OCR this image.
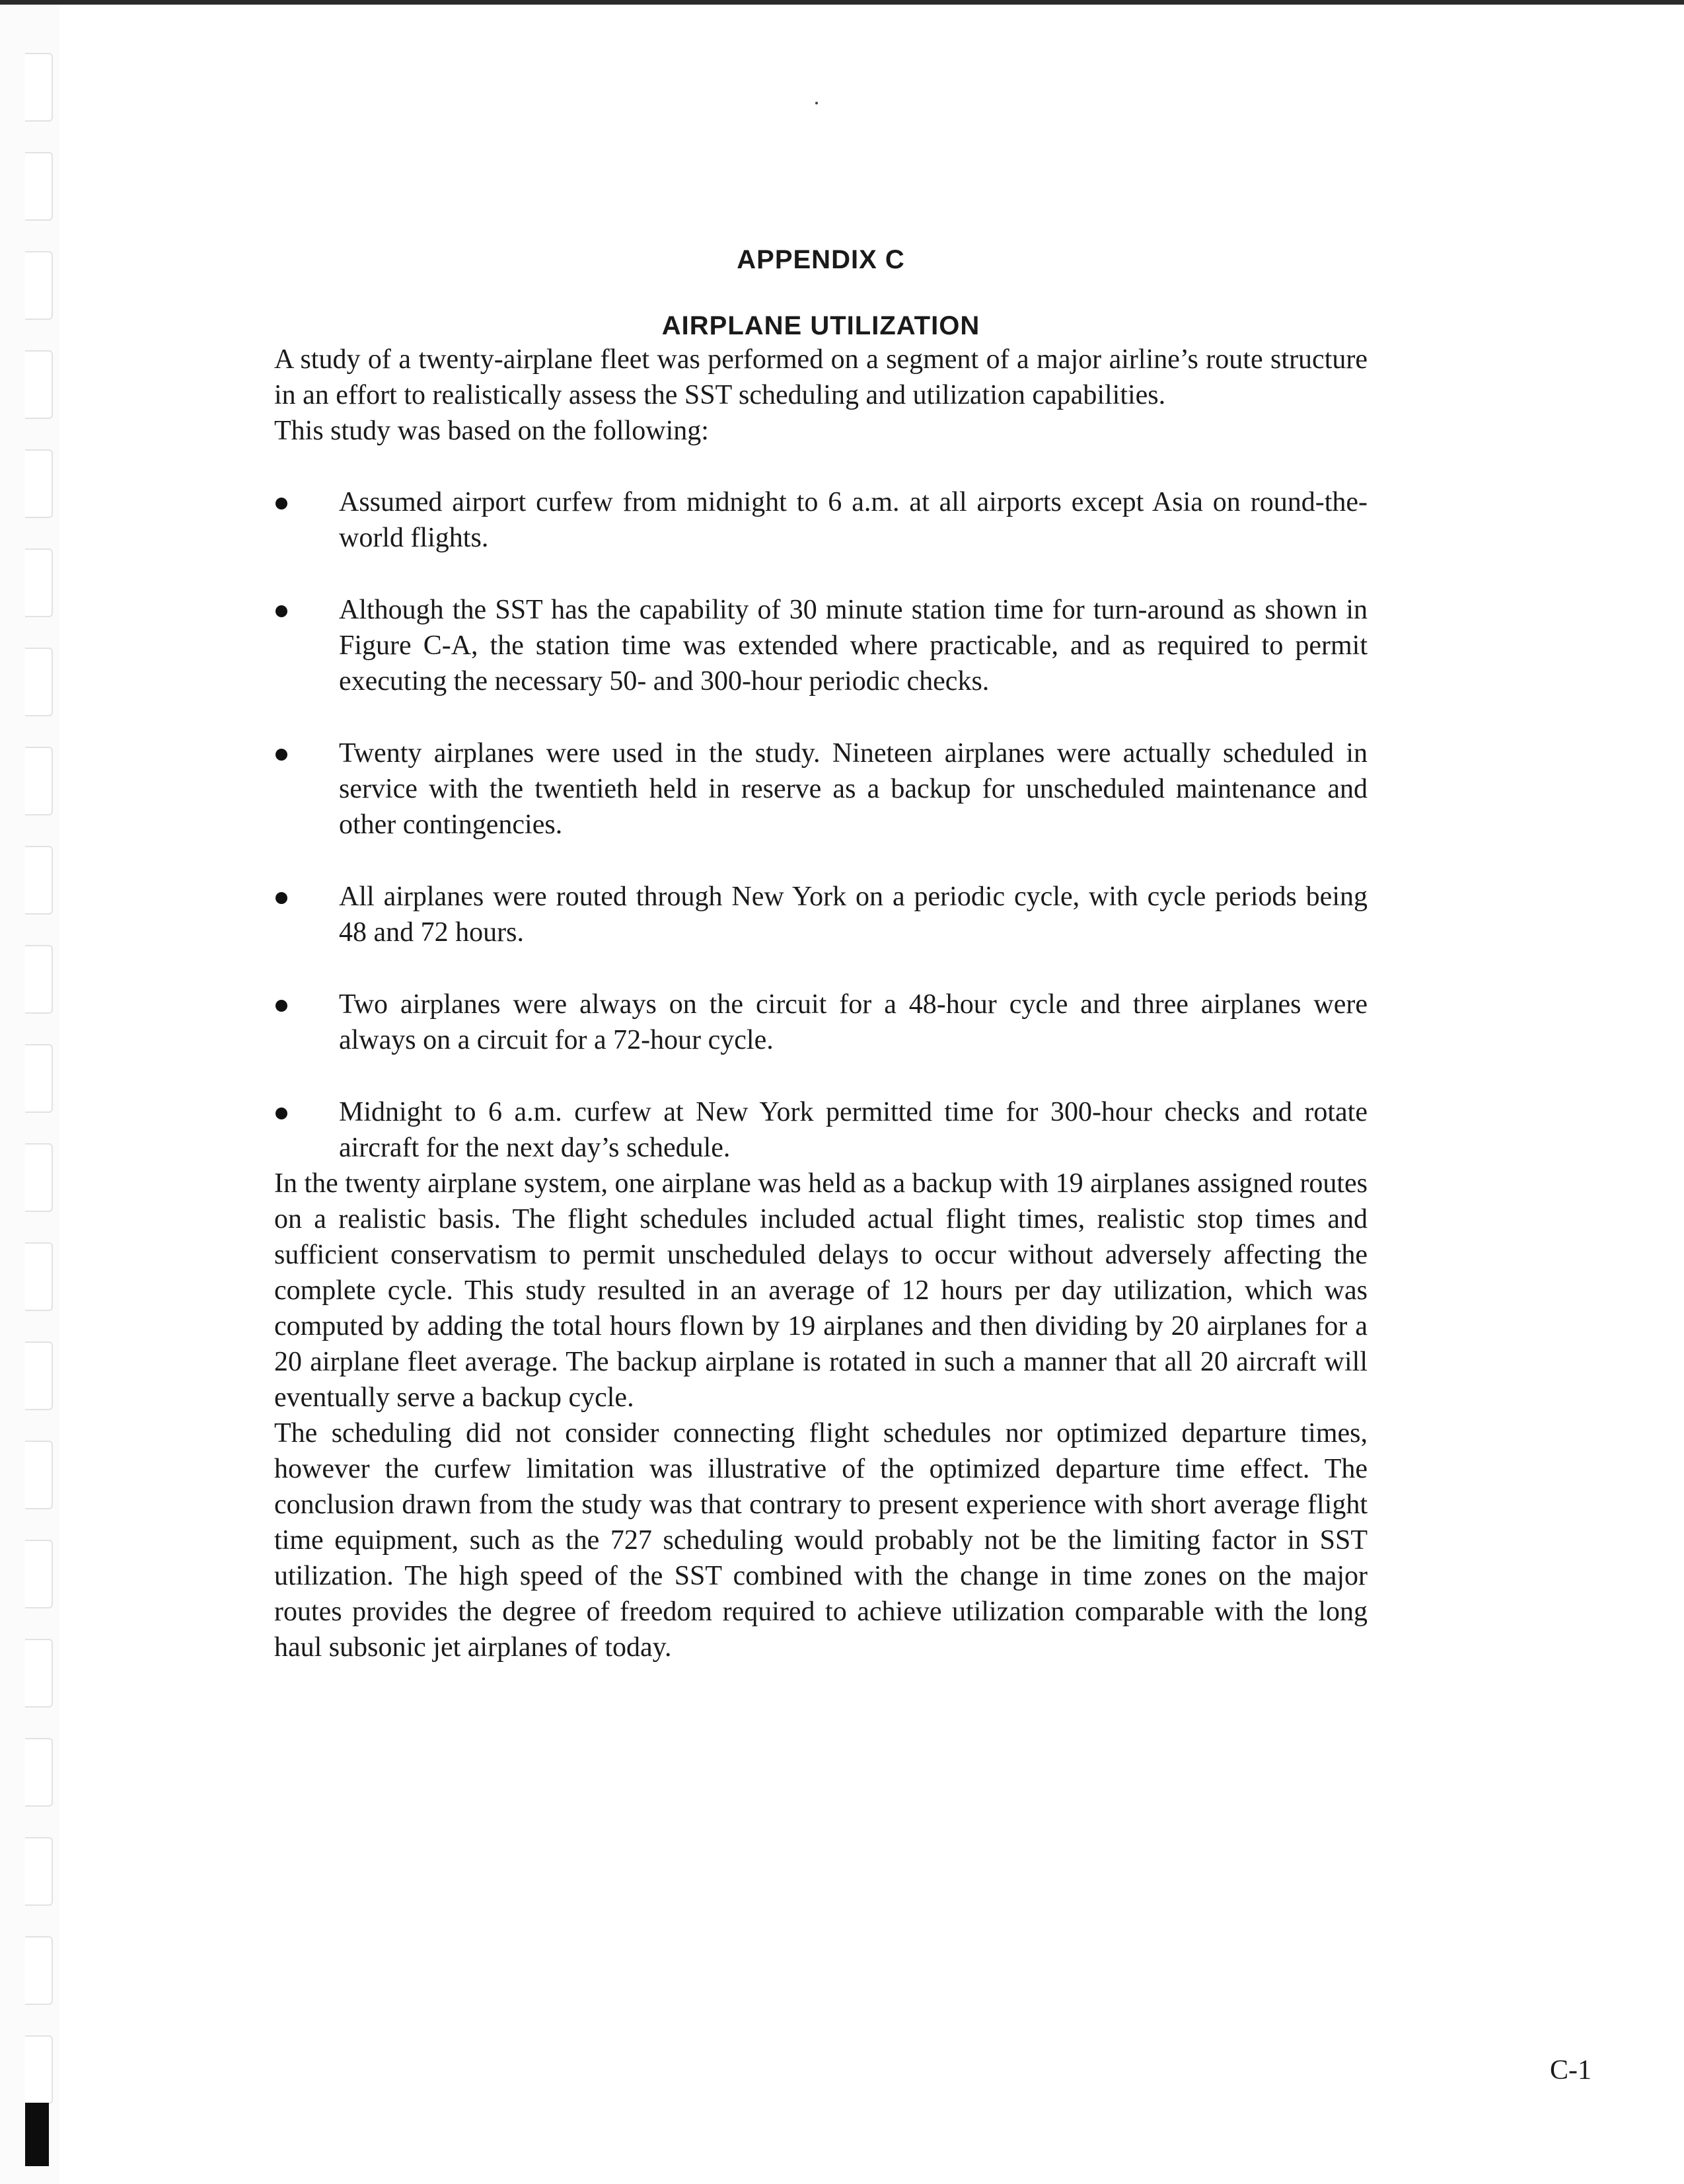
APPENDIX C
AIRPLANE UTILIZATION

A study of a twenty-airplane fleet was performed on a segment of a major airline’s route structure in an effort to realistically assess the SST scheduling and utilization capabilities.

This study was based on the following:

Assumed airport curfew from midnight to 6 a.m. at all airports except Asia on round-the-world flights.
Although the SST has the capability of 30 minute station time for turn-around as shown in Figure C-A, the station time was extended where practicable, and as required to permit executing the necessary 50- and 300-hour periodic checks.
Twenty airplanes were used in the study. Nineteen airplanes were actually scheduled in service with the twentieth held in reserve as a backup for unscheduled maintenance and other contingencies.
All airplanes were routed through New York on a periodic cycle, with cycle periods being 48 and 72 hours.
Two airplanes were always on the circuit for a 48-hour cycle and three airplanes were always on a circuit for a 72-hour cycle.
Midnight to 6 a.m. curfew at New York permitted time for 300-hour checks and rotate aircraft for the next day’s schedule.

In the twenty airplane system, one airplane was held as a backup with 19 airplanes assigned routes on a realistic basis. The flight schedules included actual flight times, realistic stop times and sufficient conservatism to permit unscheduled delays to occur without adversely affecting the complete cycle. This study resulted in an average of 12 hours per day utilization, which was computed by adding the total hours flown by 19 airplanes and then dividing by 20 airplanes for a 20 airplane fleet average. The backup airplane is rotated in such a manner that all 20 aircraft will eventually serve a backup cycle.

The scheduling did not consider connecting flight schedules nor optimized departure times, however the curfew limitation was illustrative of the optimized departure time effect. The conclusion drawn from the study was that contrary to present experience with short average flight time equipment, such as the 727 scheduling would probably not be the limiting factor in SST utilization. The high speed of the SST combined with the change in time zones on the major routes provides the degree of freedom required to achieve utilization comparable with the long haul subsonic jet airplanes of today.

C-1
